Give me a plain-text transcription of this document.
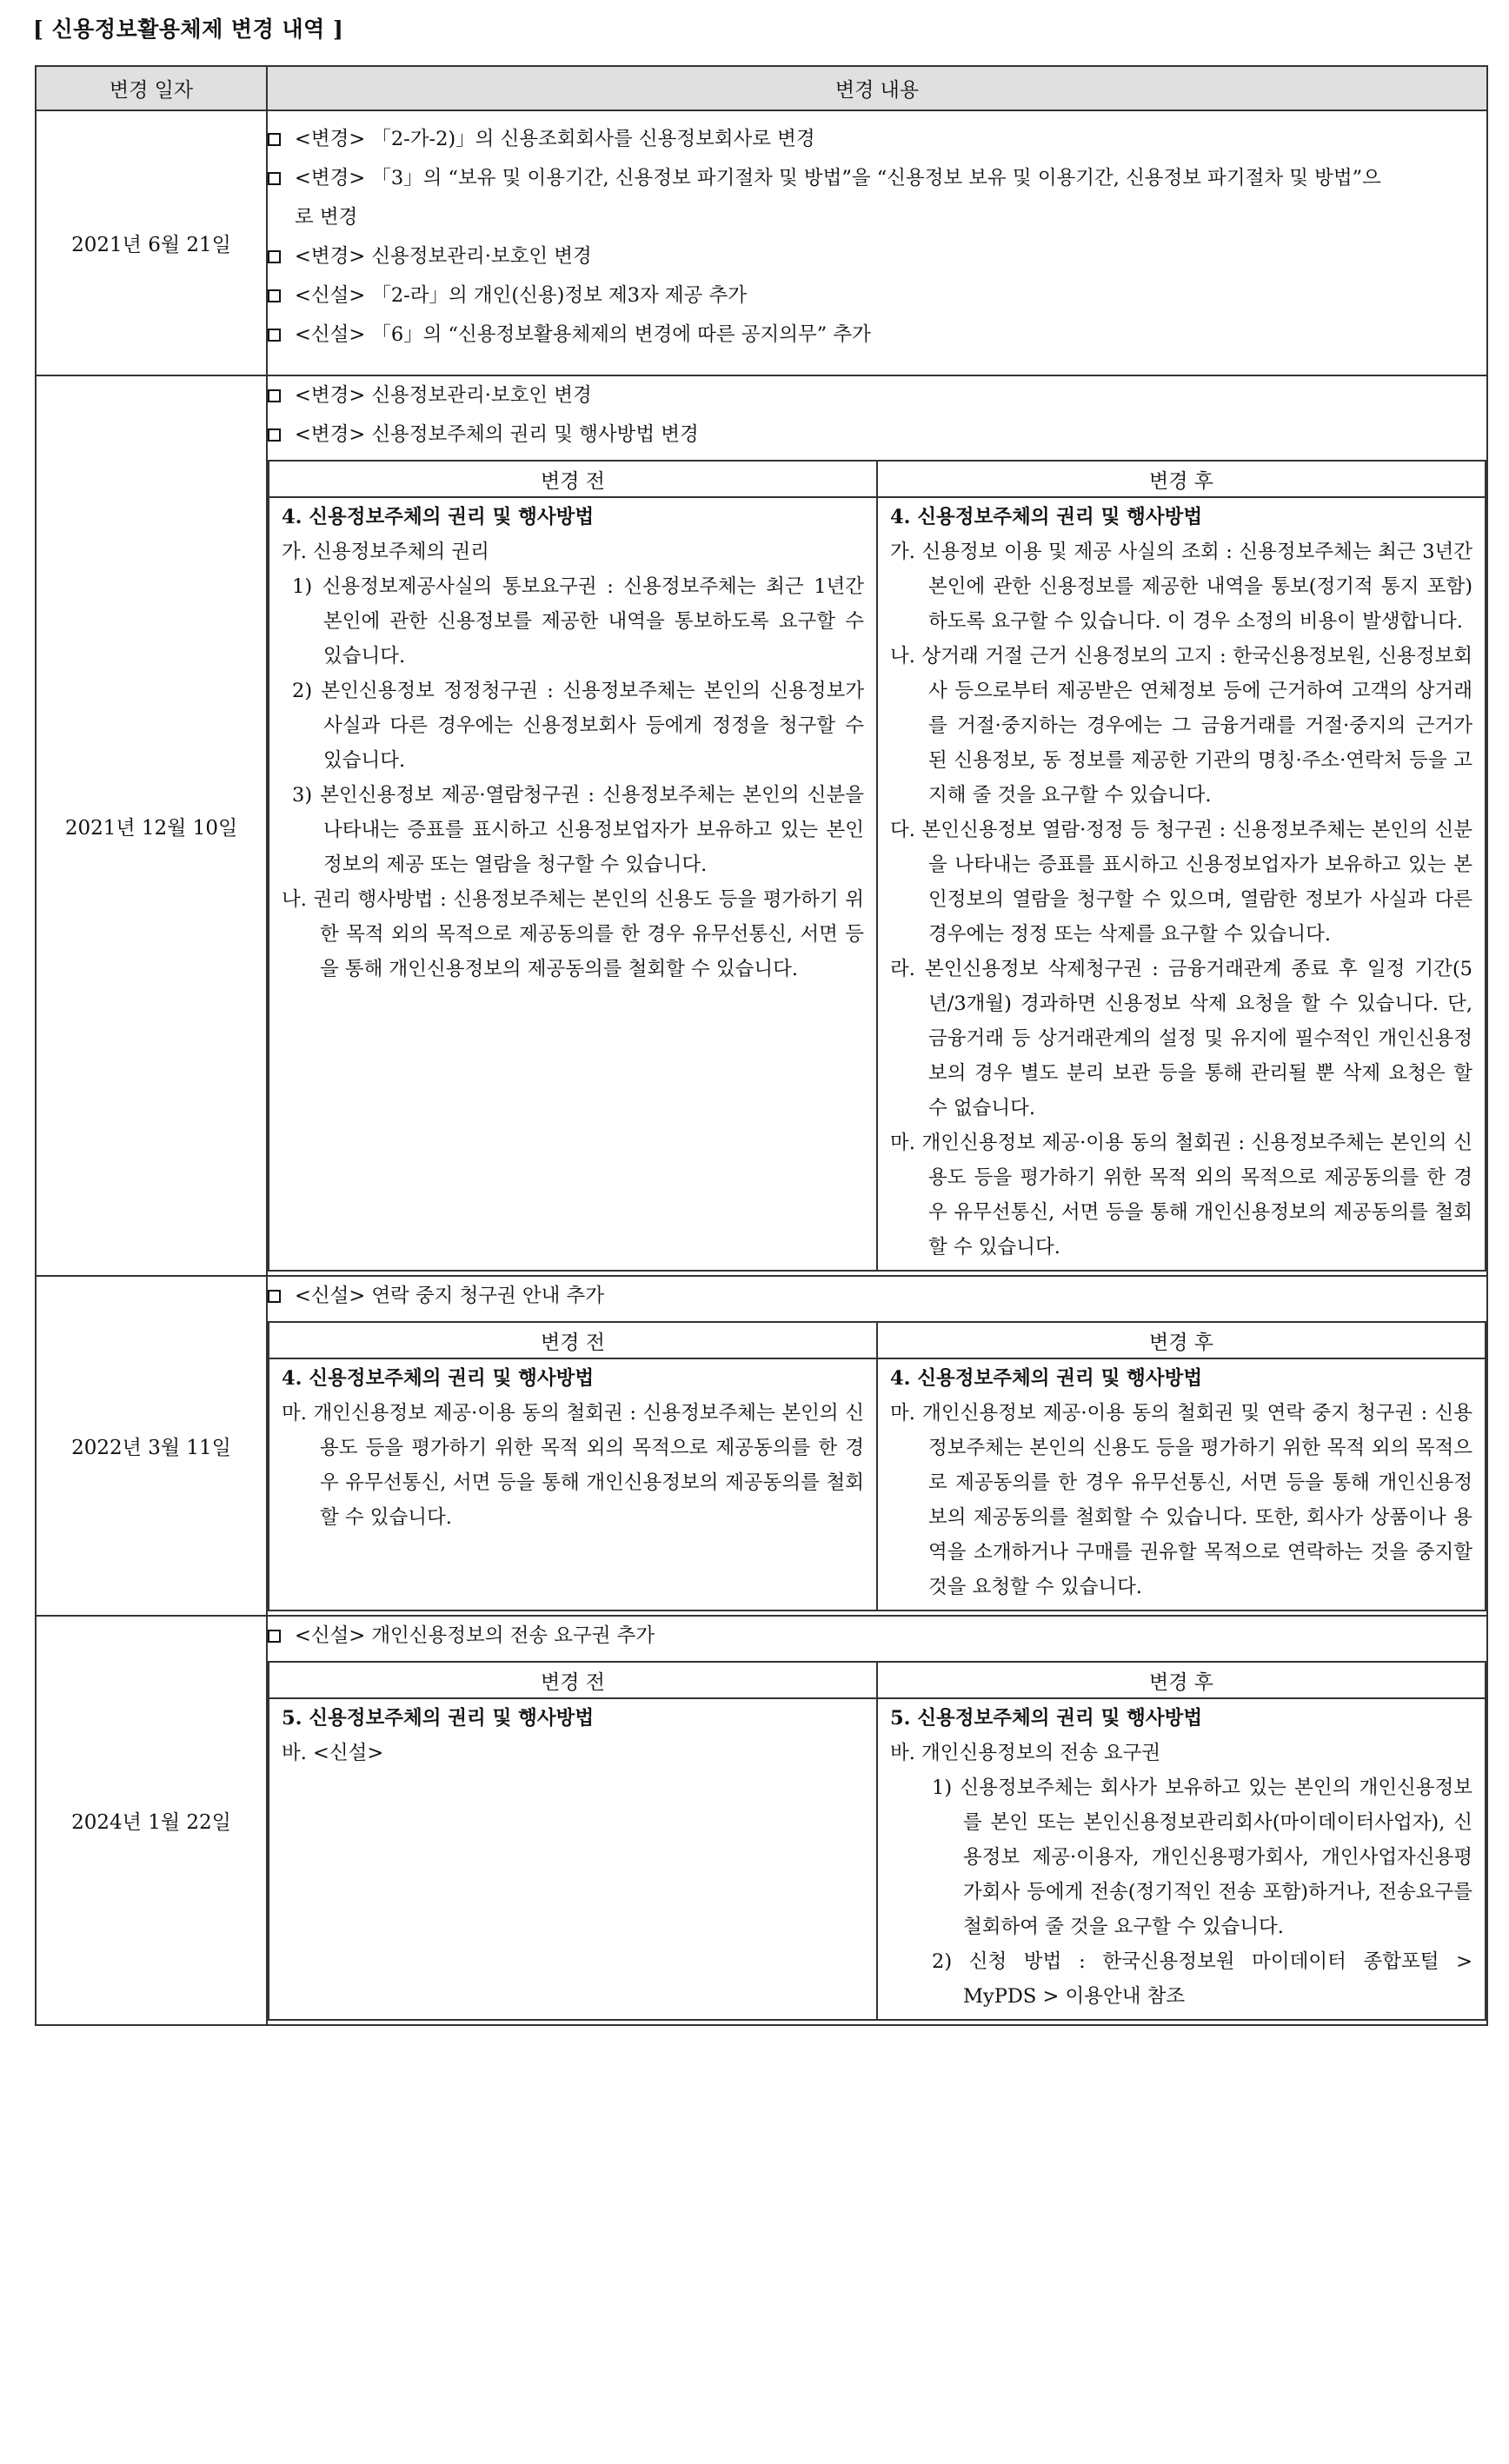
[ 신용정보활용체제 변경 내역 ]
변경 일자	변경 내용
2021년 6월 21일	
<변경> 「2-가-2)」의 신용조회회사를 신용정보회사로 변경
<변경> 「3」의 “보유 및 이용기간, 신용정보 파기절차 및 방법”을 “신용정보 보유 및 이용기간, 신용정보 파기절차 및 방법”으로 변경
<변경> 신용정보관리·보호인 변경
<신설> 「2-라」의 개인(신용)정보 제3자 제공 추가
<신설> 「6」의 “신용정보활용체제의 변경에 따른 공지의무” 추가

2021년 12월 10일	
<변경> 신용정보관리·보호인 변경
<변경> 신용정보주체의 권리 및 행사방법 변경
변경 전	변경 후

4. 신용정보주체의 권리 및 행사방법
가. 신용정보주체의 권리
1) 신용정보제공사실의 통보요구권 : 신용정보주체는 최근 1년간 본인에 관한 신용정보를 제공한 내역을 통보하도록 요구할 수 있습니다.
2) 본인신용정보 정정청구권 : 신용정보주체는 본인의 신용정보가 사실과 다른 경우에는 신용정보회사 등에게 정정을 청구할 수 있습니다.
3) 본인신용정보 제공·열람청구권 : 신용정보주체는 본인의 신분을 나타내는 증표를 표시하고 신용정보업자가 보유하고 있는 본인정보의 제공 또는 열람을 청구할 수 있습니다.
나. 권리 행사방법 : 신용정보주체는 본인의 신용도 등을 평가하기 위한 목적 외의 목적으로 제공동의를 한 경우 유무선통신, 서면 등을 통해 개인신용정보의 제공동의를 철회할 수 있습니다.

4. 신용정보주체의 권리 및 행사방법
가. 신용정보 이용 및 제공 사실의 조회 : 신용정보주체는 최근 3년간 본인에 관한 신용정보를 제공한 내역을 통보(정기적 통지 포함)하도록 요구할 수 있습니다. 이 경우 소정의 비용이 발생합니다.
나. 상거래 거절 근거 신용정보의 고지 : 한국신용정보원, 신용정보회사 등으로부터 제공받은 연체정보 등에 근거하여 고객의 상거래를 거절·중지하는 경우에는 그 금융거래를 거절·중지의 근거가 된 신용정보, 동 정보를 제공한 기관의 명칭·주소·연락처 등을 고지해 줄 것을 요구할 수 있습니다.
다. 본인신용정보 열람·정정 등 청구권 : 신용정보주체는 본인의 신분을 나타내는 증표를 표시하고 신용정보업자가 보유하고 있는 본인정보의 열람을 청구할 수 있으며, 열람한 정보가 사실과 다른 경우에는 정정 또는 삭제를 요구할 수 있습니다.
라. 본인신용정보 삭제청구권 : 금융거래관계 종료 후 일정 기간(5년/3개월) 경과하면 신용정보 삭제 요청을 할 수 있습니다. 단, 금융거래 등 상거래관계의 설정 및 유지에 필수적인 개인신용정보의 경우 별도 분리 보관 등을 통해 관리될 뿐 삭제 요청은 할 수 없습니다.
마. 개인신용정보 제공·이용 동의 철회권 : 신용정보주체는 본인의 신용도 등을 평가하기 위한 목적 외의 목적으로 제공동의를 한 경우 유무선통신, 서면 등을 통해 개인신용정보의 제공동의를 철회할 수 있습니다.

2022년 3월 11일	
<신설> 연락 중지 청구권 안내 추가
변경 전	변경 후

4. 신용정보주체의 권리 및 행사방법
마. 개인신용정보 제공·이용 동의 철회권 : 신용정보주체는 본인의 신용도 등을 평가하기 위한 목적 외의 목적으로 제공동의를 한 경우 유무선통신, 서면 등을 통해 개인신용정보의 제공동의를 철회할 수 있습니다.

4. 신용정보주체의 권리 및 행사방법
마. 개인신용정보 제공·이용 동의 철회권 및 연락 중지 청구권 : 신용정보주체는 본인의 신용도 등을 평가하기 위한 목적 외의 목적으로 제공동의를 한 경우 유무선통신, 서면 등을 통해 개인신용정보의 제공동의를 철회할 수 있습니다. 또한, 회사가 상품이나 용역을 소개하거나 구매를 권유할 목적으로 연락하는 것을 중지할 것을 요청할 수 있습니다.

2024년 1월 22일	
<신설> 개인신용정보의 전송 요구권 추가
변경 전	변경 후

5. 신용정보주체의 권리 및 행사방법
바. <신설>

5. 신용정보주체의 권리 및 행사방법
바. 개인신용정보의 전송 요구권
1) 신용정보주체는 회사가 보유하고 있는 본인의 개인신용정보를 본인 또는 본인신용정보관리회사(마이데이터사업자), 신용정보 제공·이용자, 개인신용평가회사, 개인사업자신용평가회사 등에게 전송(정기적인 전송 포함)하거나, 전송요구를 철회하여 줄 것을 요구할 수 있습니다.
2) 신청 방법 : 한국신용정보원 마이데이터 종합포털 > MyPDS > 이용안내 참조
